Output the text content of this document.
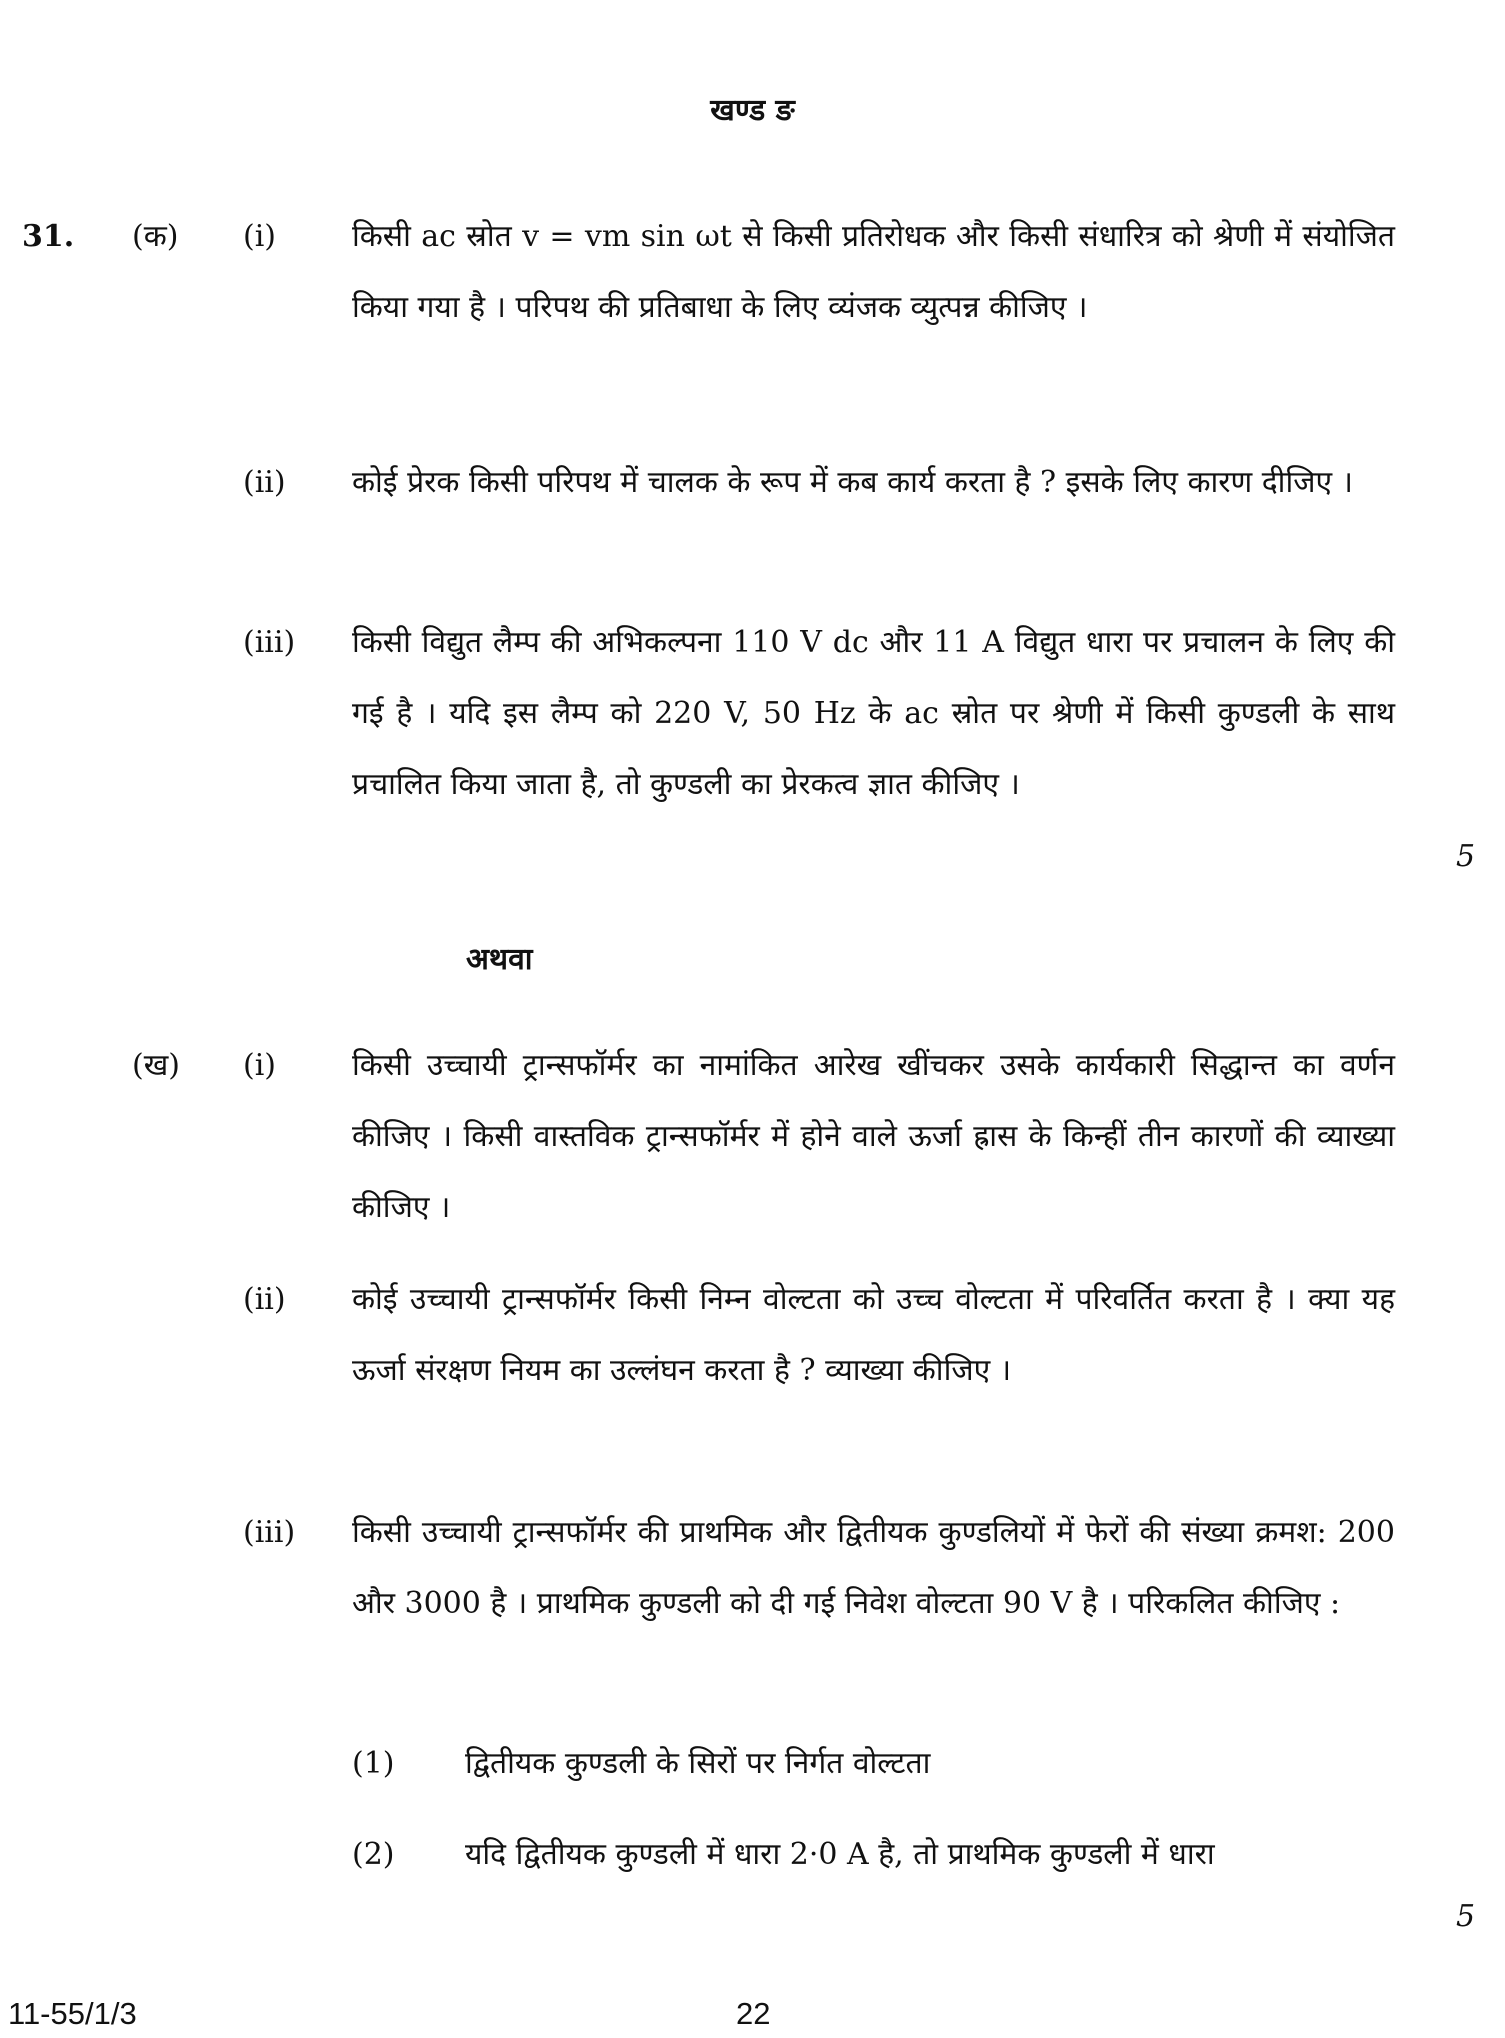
खण्ड ङ
31. (क) (i)	किसी ac स्रोत v = vm sin ωt से किसी प्रतिरोधक और किसी संधारित्र को श्रेणी में संयोजित किया गया है । परिपथ की प्रतिबाधा के लिए व्यंजक व्युत्पन्न कीजिए ।
(ii) कोई प्रेरक किसी परिपथ में चालक के रूप में कब कार्य करता है ? इसके लिए कारण दीजिए ।
(iii) किसी विद्युत लैम्प की अभिकल्पना 110 V dc और 11 A विद्युत धारा पर प्रचालन के लिए की गई है । यदि इस लैम्प को 220 V, 50 Hz के ac स्रोत पर श्रेणी में किसी कुण्डली के साथ प्रचालित किया जाता है, तो कुण्डली का प्रेरकत्व ज्ञात कीजिए ।
5
अथवा
(ख) (i)	किसी उच्चायी ट्रान्सफॉर्मर का नामांकित आरेख खींचकर उसके कार्यकारी सिद्धान्त का वर्णन कीजिए । किसी वास्तविक ट्रान्सफॉर्मर में होने वाले ऊर्जा ह्रास के किन्हीं तीन कारणों की व्याख्या कीजिए ।
(ii) कोई उच्चायी ट्रान्सफॉर्मर किसी निम्न वोल्टता को उच्च वोल्टता में परिवर्तित करता है । क्या यह ऊर्जा संरक्षण नियम का उल्लंघन करता है ? व्याख्या कीजिए ।
(iii) किसी उच्चायी ट्रान्सफॉर्मर की प्राथमिक और द्वितीयक कुण्डलियों में फेरों की संख्या क्रमश: 200 और 3000 है । प्राथमिक कुण्डली को दी गई निवेश वोल्टता 90 V है । परिकलित कीजिए :
(1) द्वितीयक कुण्डली के सिरों पर निर्गत वोल्टता
(2) यदि द्वितीयक कुण्डली में धारा 2·0 A है, तो प्राथमिक कुण्डली में धारा
5
11-55/1/3	22
